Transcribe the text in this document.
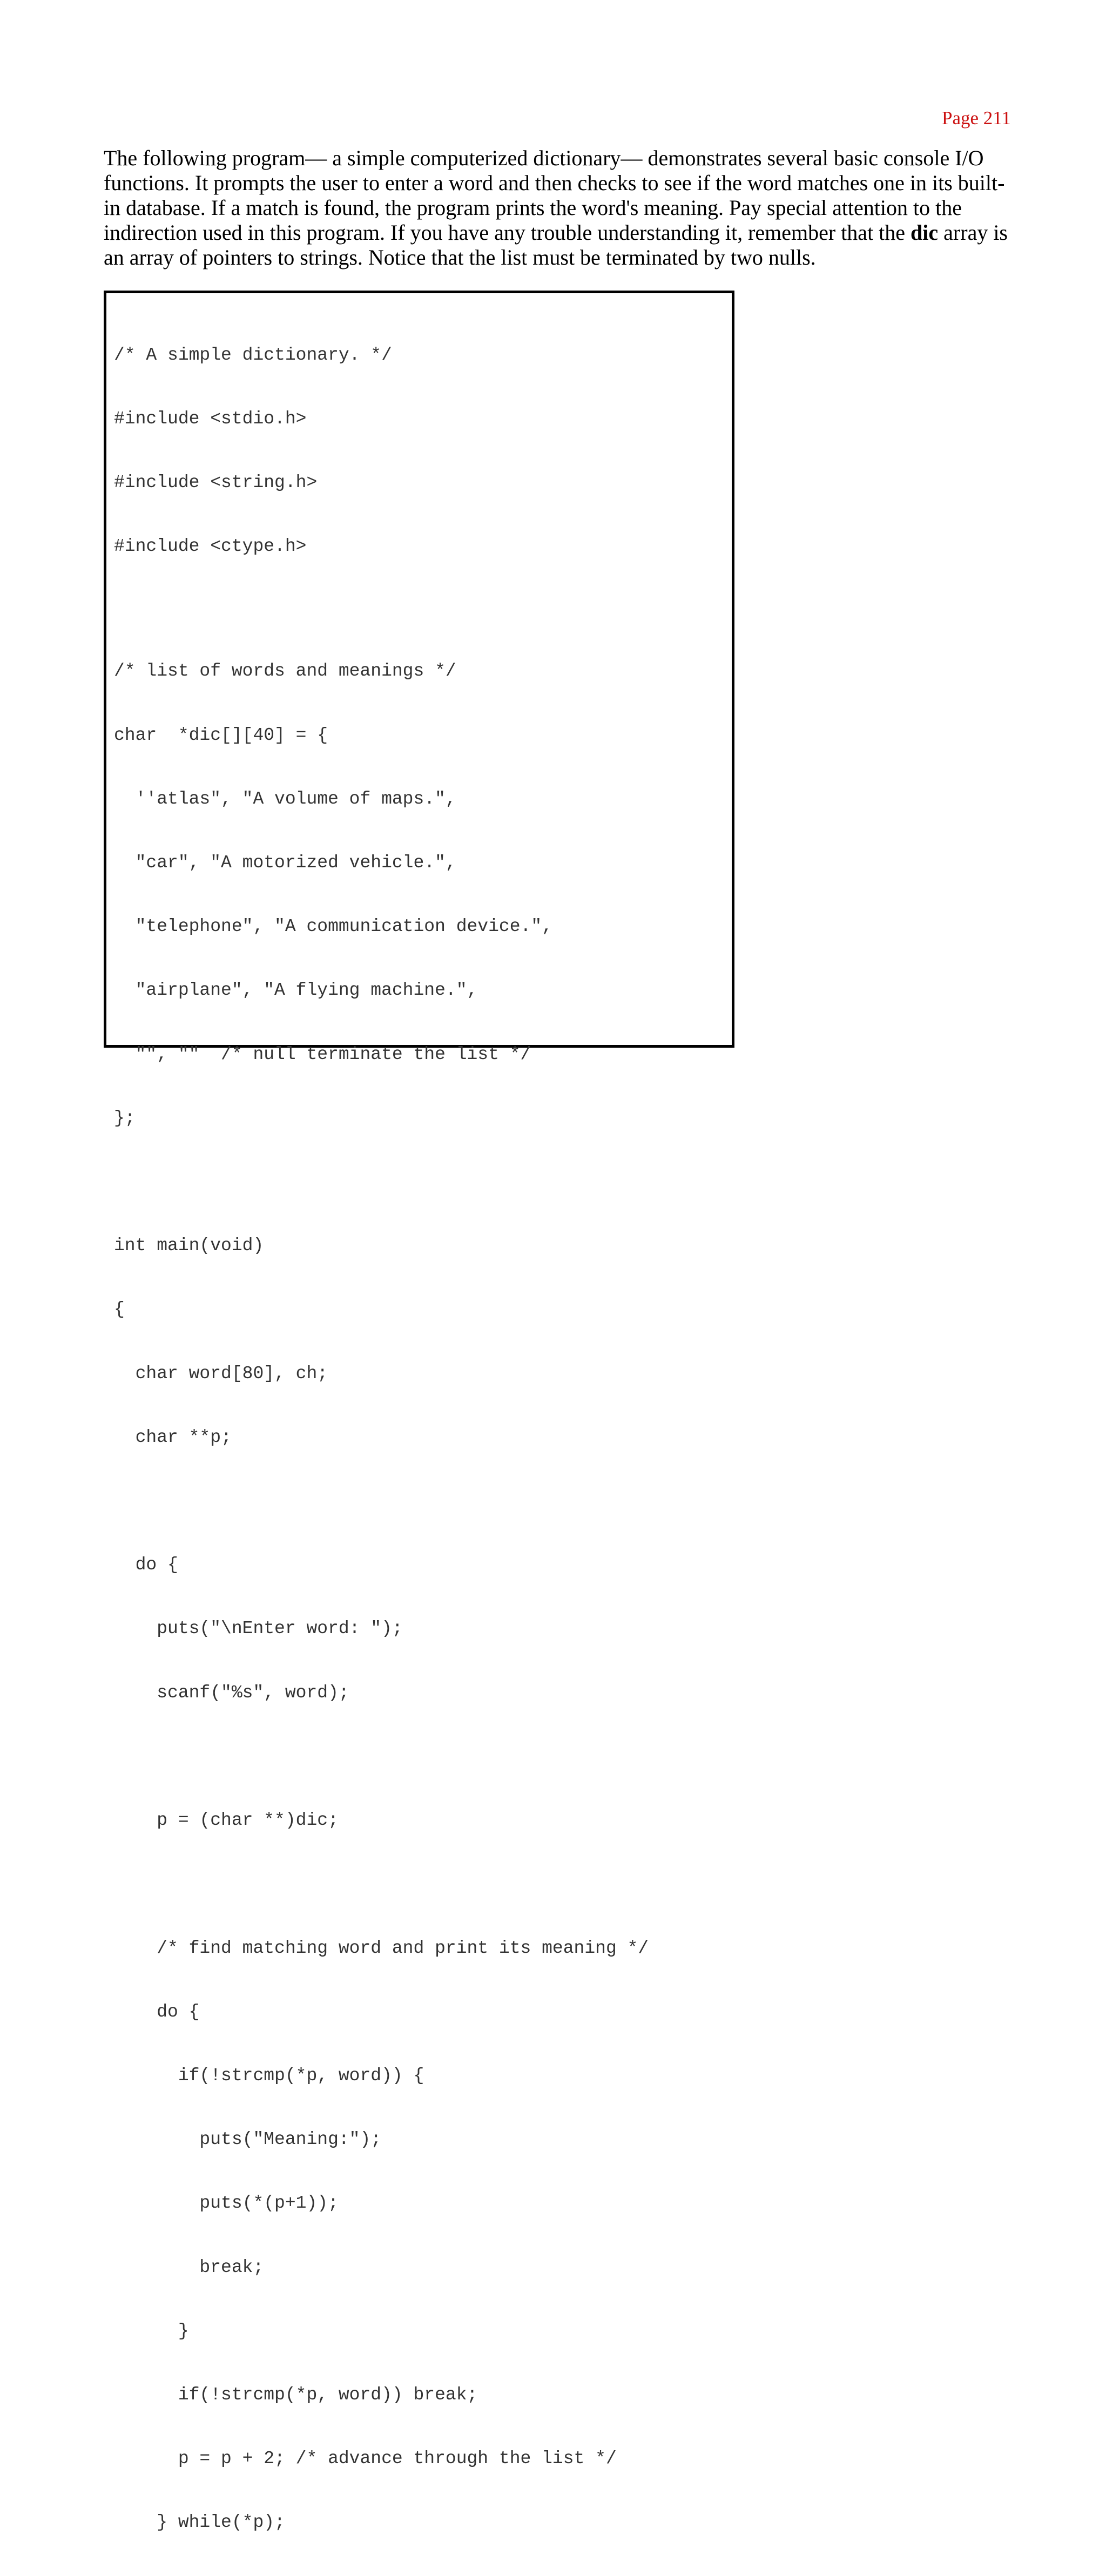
Page 211

The following program— a simple computerized dictionary— demonstrates several basic console I/O functions. It prompts the user to enter a word and then checks to see if the word matches one in its built-in database. If a match is found, the program prints the word's meaning. Pay special attention to the indirection used in this program. If you have any trouble understanding it, remember that the dic array is an array of pointers to strings. Notice that the list must be terminated by two nulls.

/* A simple dictionary. */

#include <stdio.h>

#include <string.h>

#include <ctype.h>

/* list of words and meanings */

char  *dic[][40] = {

''atlas", "A volume of maps.",

"car", "A motorized vehicle.",

"telephone", "A communication device.",

"airplane", "A flying machine.",

"", ""  /* null terminate the list */

};

int main(void)

{

char word[80], ch;

char **p;

do {

puts("\nEnter word: ");

scanf("%s", word);

p = (char **)dic;

/* find matching word and print its meaning */

do {

if(!strcmp(*p, word)) {

puts("Meaning:");

puts(*(p+1));

break;

}

if(!strcmp(*p, word)) break;

p = p + 2; /* advance through the list */

} while(*p);
